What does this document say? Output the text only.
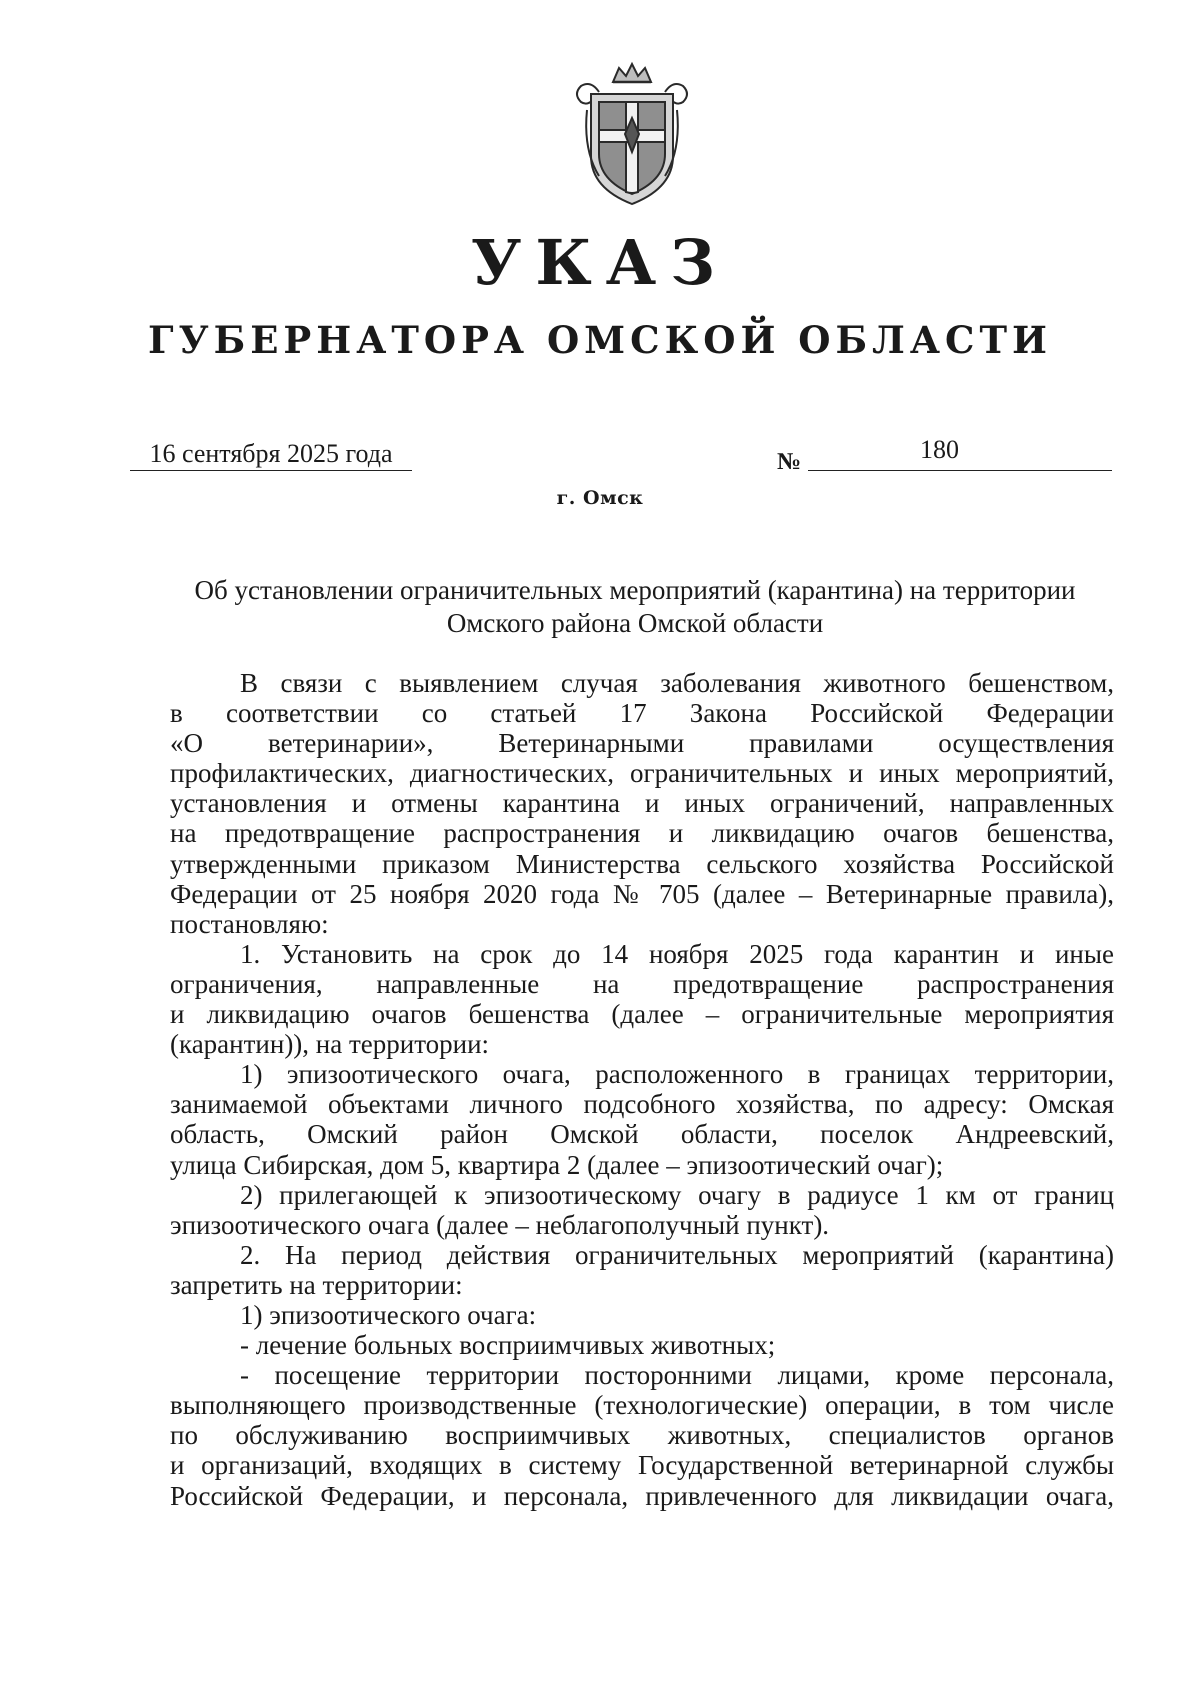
УКАЗ
ГУБЕРНАТОРА ОМСКОЙ ОБЛАСТИ
16 сентября 2025 года	№	180
г. Омск
Об установлении ограничительных мероприятий (карантина) на территории
Омского района Омской области

В связи с выявлением случая заболевания животного бешенством,

в соответствии со статьей 17 Закона Российской Федерации

«О ветеринарии», Ветеринарными правилами осуществления

профилактических, диагностических, ограничительных и иных мероприятий,

установления и отмены карантина и иных ограничений, направленных

на предотвращение распространения и ликвидацию очагов бешенства,

утвержденными приказом Министерства сельского хозяйства Российской

Федерации от 25 ноября 2020 года № 705 (далее – Ветеринарные правила),

постановляю:

1. Установить на срок до 14 ноября 2025 года карантин и иные

ограничения, направленные на предотвращение распространения

и ликвидацию очагов бешенства (далее – ограничительные мероприятия

(карантин)), на территории:

1) эпизоотического очага, расположенного в границах территории,

занимаемой объектами личного подсобного хозяйства, по адресу: Омская

область, Омский район Омской области, поселок Андреевский,

улица Сибирская, дом 5, квартира 2 (далее – эпизоотический очаг);

2) прилегающей к эпизоотическому очагу в радиусе 1 км от границ

эпизоотического очага (далее – неблагополучный пункт).

2. На период действия ограничительных мероприятий (карантина)

запретить на территории:

1) эпизоотического очага:

- лечение больных восприимчивых животных;

- посещение территории посторонними лицами, кроме персонала,

выполняющего производственные (технологические) операции, в том числе

по обслуживанию восприимчивых животных, специалистов органов

и организаций, входящих в систему Государственной ветеринарной службы

Российской Федерации, и персонала, привлеченного для ликвидации очага,
